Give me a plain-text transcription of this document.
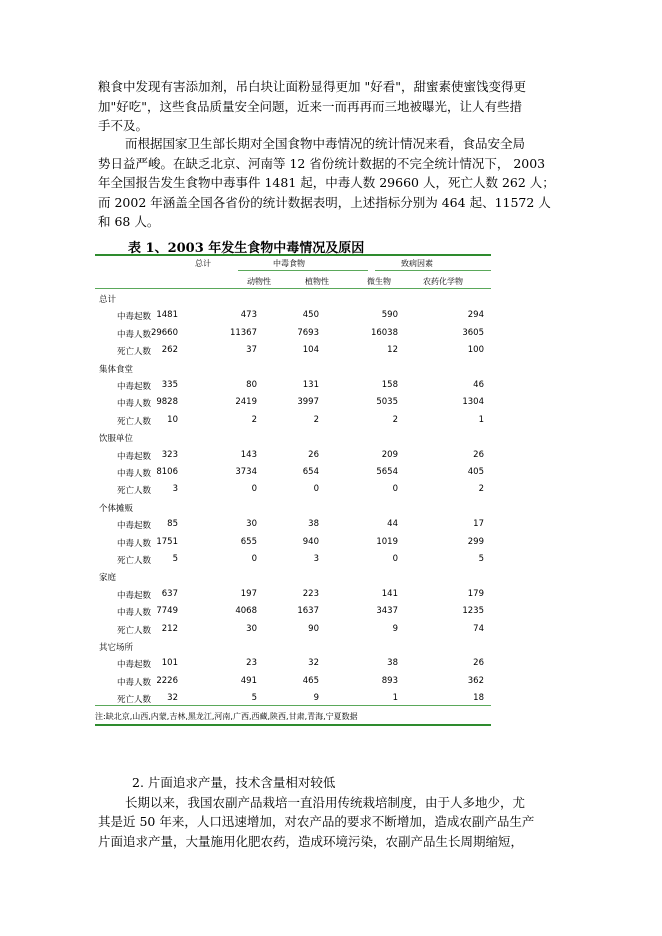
粮食中发现有害添加剂，吊白块让面粉显得更加 "好看"，甜蜜素使蜜饯变得更
加"好吃"，这些食品质量安全问题，近来一而再再而三地被曝光，让人有些措
手不及。

而根据国家卫生部长期对全国食物中毒情况的统计情况来看，食品安全局
势日益严峻。在缺乏北京、河南等 12 省份统计数据的不完全统计情况下， 2003
年全国报告发生食物中毒事件 1481 起，中毒人数 29660 人，死亡人数 262 人；
而 2002 年涵盖全国各省份的统计数据表明，上述指标分别为 464 起、11572 人
和 68 人。

表 1、2003 年发生食物中毒情况及原因

总计	中毒食物	致病因素
动物性	植物性	微生物	农药化学物
总计
中毒起数 1481	473	450	590	294
中毒人数 29660	11367	7693	16038	3605
死亡人数	262	37	104	12	100
集体食堂
中毒起数	335	80	131	158	46
中毒人数 9828	2419	3997	5035	1304
死亡人数	10	2	2	2	1
饮服单位
中毒起数	323	143	26	209	26
中毒人数 8106	3734	654	5654	405
死亡人数	3	0	0	0	2
个体摊贩
中毒起数	85	30	38	44	17
中毒人数 1751	655	940	1019	299
死亡人数	5	0	3	0	5
家庭
中毒起数	637	197	223	141	179
中毒人数 7749	4068	1637	3437	1235
死亡人数	212	30	90	9	74
其它场所
中毒起数	101	23	32	38	26
中毒人数 2226	491	465	893	362
死亡人数	32	5	9	1	18
注:缺北京,山西,内蒙,吉林,黑龙江,河南,广西,西藏,陕西,甘肃,青海,宁夏数据

2. 片面追求产量，技术含量相对较低
长期以来，我国农副产品栽培一直沿用传统栽培制度，由于人多地少，尤
其是近 50 年来，人口迅速增加，对农产品的要求不断增加，造成农副产品生产
片面追求产量，大量施用化肥农药，造成环境污染，农副产品生长周期缩短，
